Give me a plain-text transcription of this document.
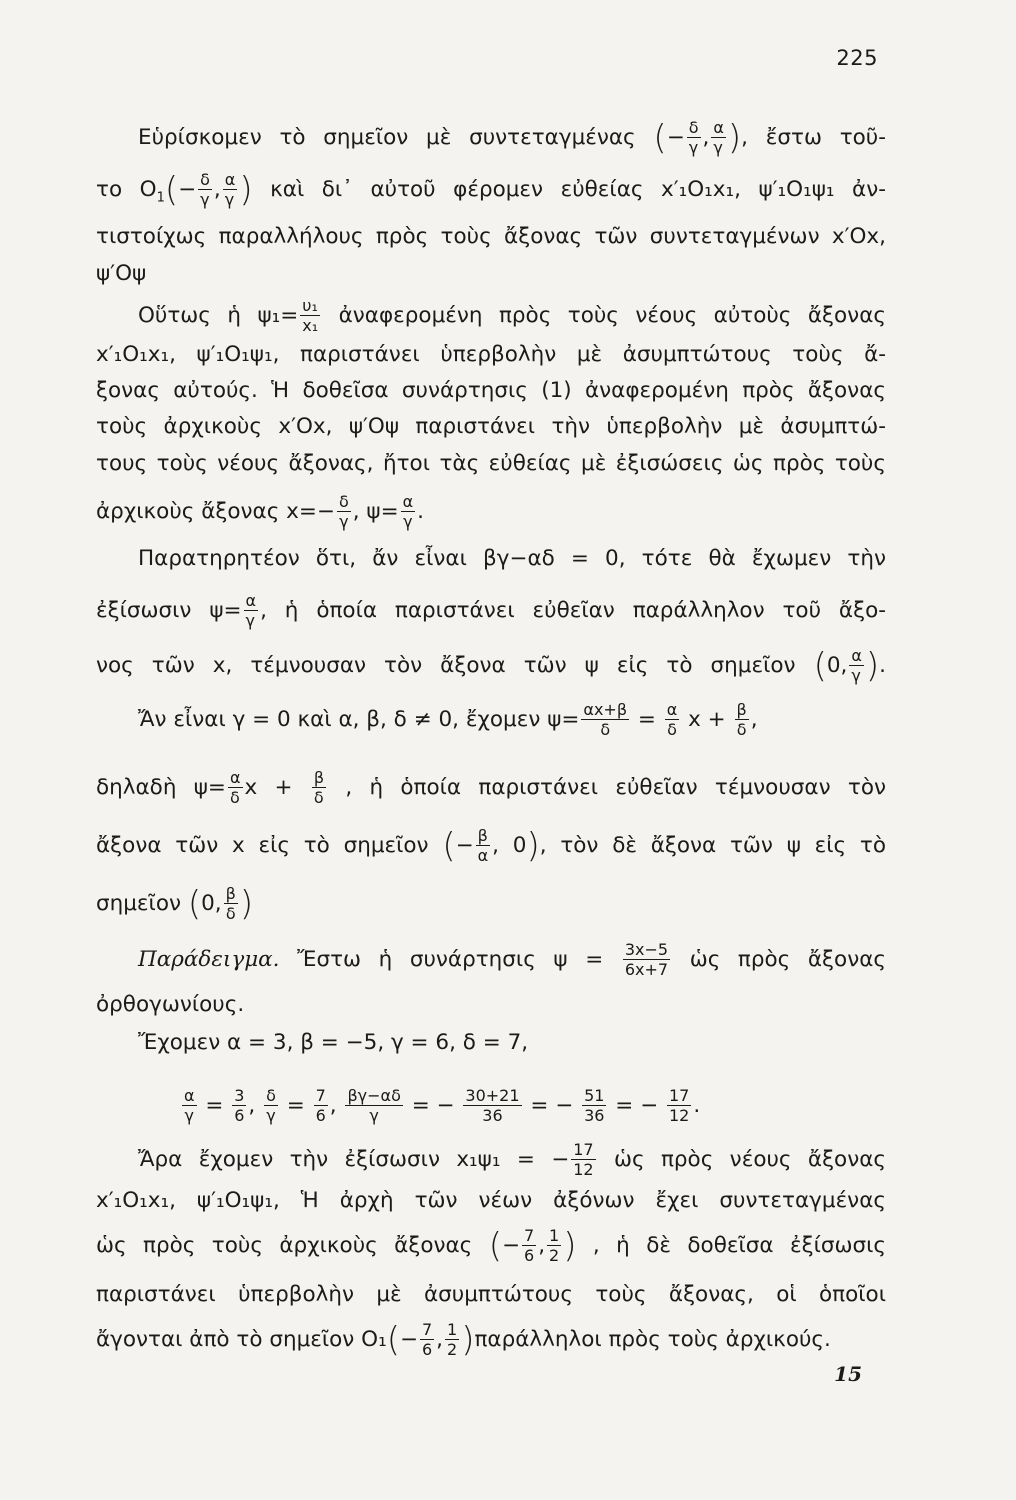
225
Εὑρίσκομεν τὸ σημεῖον μὲ συντεταγμένας (− $\frac{\delta}{\gamma}$ , $\frac{\alpha}{\gamma}$ ), ἔστω τοῦ-
το $O_1(- \frac{\delta}{\gamma}$ , $\frac{\alpha}{\gamma}$ ) καὶ δι᾿ αὐτοῦ φέρομεν εὐθείας x′₁O₁x₁, ψ′₁O₁ψ₁ ἀν-
τιστοίχως παραλλήλους πρὸς τοὺς ἄξονας τῶν συντεταγμένων x′Ox,
ψ′Oψ
Οὕτως ἡ $\psi_1= \frac{\text{υ₁}}{\text{x₁}}$ ἀναφερομένη πρὸς τοὺς νέους αὐτοὺς ἄξονας
x′₁O₁x₁, ψ′₁O₁ψ₁, παριστάνει ὑπερβολὴν μὲ ἀσυμπτώτους τοὺς ἄ-
ξονας αὐτούς. Ἡ δοθεῖσα συνάρτησις (1) ἀναφερομένη πρὸς ἄξονας
τοὺς ἀρχικοὺς x′Ox, ψ′Oψ παριστάνει τὴν ὑπερβολὴν μὲ ἀσυμπτώ-
τους τοὺς νέους ἄξονας, ἤτοι τὰς εὐθείας μὲ ἐξισώσεις ὡς πρὸς τοὺς
ἀρχικοὺς ἄξονας $x=- \frac{\delta}{\gamma}$ , $\psi= \frac{\alpha}{\gamma}$ .
Παρατηρητέον ὅτι, ἄν εἶναι βγ−αδ = 0, τότε θὰ ἔχωμεν τὴν
ἐξίσωσιν $\psi= \frac{\alpha}{\gamma}$ , ἡ ὁποία παριστάνει εὐθεῖαν παράλληλον τοῦ ἄξο-
νος τῶν x, τέμνουσαν τὸν ἄξονα τῶν ψ εἰς τὸ σημεῖον (0, $\frac{\alpha}{\gamma}$ ).
Ἄν εἶναι γ = 0 καὶ α, β, δ ≠ 0, ἔχομεν $\psi= \frac{\alpha x+\beta}{\delta} = \frac{\alpha}{\delta}$ $x + \frac{\beta}{\delta}$ ,
δηλαδὴ $\psi= \frac{\alpha}{\delta}$ $x + \frac{\beta}{\delta}$ , ἡ ὁποία παριστάνει εὐθεῖαν τέμνουσαν τὸν
ἄξονα τῶν x εἰς τὸ σημεῖον (− $\frac{\beta}{\alpha}$ , 0), τὸν δὲ ἄξονα τῶν ψ εἰς τὸ
σημεῖον (0, $\frac{\beta}{\delta}$ )
Παράδειγμα. Ἔστω ἡ συνάρτησις $\psi = \frac{3x-5}{6x+7}$ ὡς πρὸς ἄξονας
ὀρθογωνίους.
Ἔχομεν α = 3, β = −5, γ = 6, δ = 7,
$\frac{\alpha}{\gamma} = \frac{3}{6}$ , $\frac{\delta}{\gamma} = \frac{7}{6}$ , $\frac{\beta\gamma-\alpha\delta}{\gamma}$ = − $\frac{30+21}{36}$ = − $\frac{51}{36}$ = − $\frac{17}{12}$ .
Ἄρα ἔχομεν τὴν ἐξίσωσιν x₁ψ₁ = − $\frac{17}{12}$ ὡς πρὸς νέους ἄξονας
x′₁O₁x₁, ψ′₁O₁ψ₁, Ἡ ἀρχὴ τῶν νέων ἀξόνων ἔχει συντεταγμένας
ὡς πρὸς τοὺς ἀρχικοὺς ἄξονας (− $\frac{7}{6}$ , $\frac{1}{2}$ ) , ἡ δὲ δοθεῖσα ἐξίσωσις
παριστάνει ὑπερβολὴν μὲ ἀσυμπτώτους τοὺς ἄξονας, οἱ ὁποῖοι
ἄγονται ἀπὸ τὸ σημεῖον $O_1(- \frac{7}{6}$ , $\frac{1}{2} )\pi\alpha\rho ά\lambda\lambda\eta\lambda o\iota$ πρὸς τοὺς ἀρχικούς.
15
